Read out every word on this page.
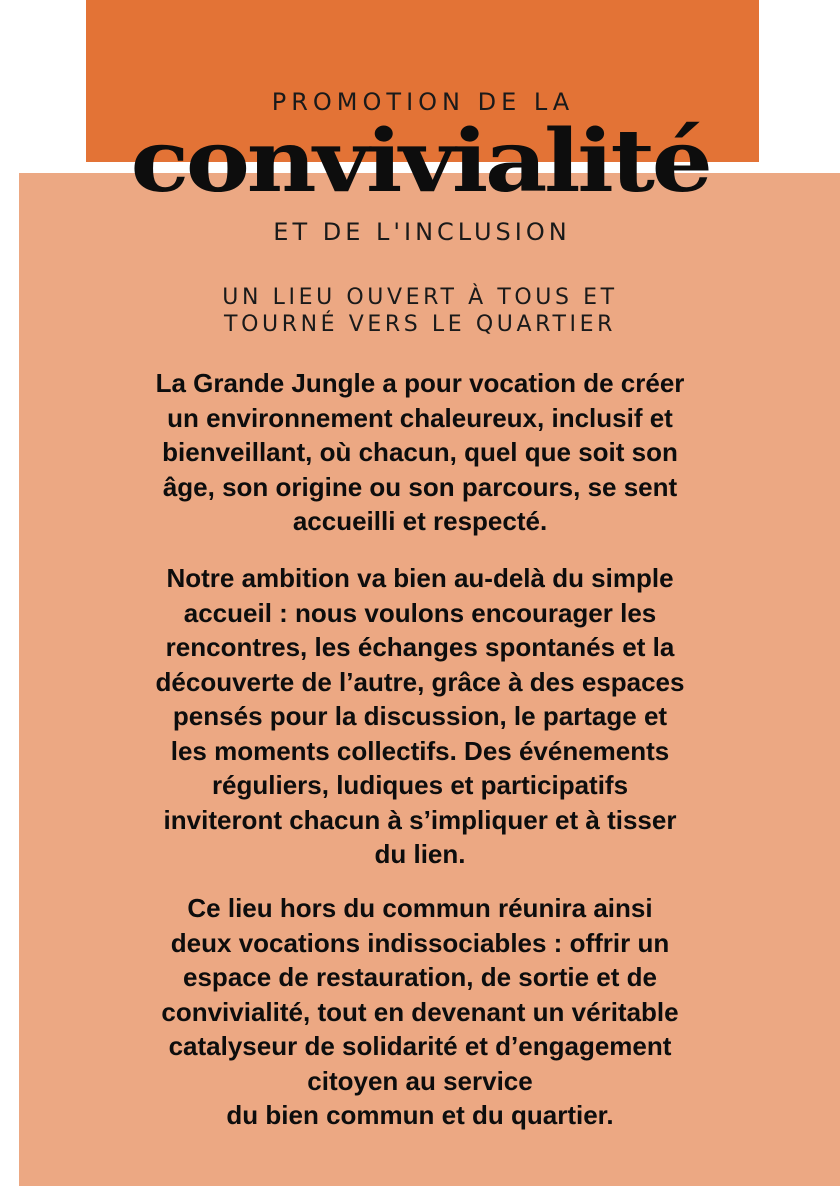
PROMOTION DE LA
convivialité
ET DE L'INCLUSION
UN LIEU OUVERT À TOUS ET
TOURNÉ VERS LE QUARTIER

La Grande Jungle a pour vocation de créer
un environnement chaleureux, inclusif et
bienveillant, où chacun, quel que soit son
âge, son origine ou son parcours, se sent
accueilli et respecté.

Notre ambition va bien au-delà du simple
accueil : nous voulons encourager les
rencontres, les échanges spontanés et la
découverte de l’autre, grâce à des espaces
pensés pour la discussion, le partage et
les moments collectifs. Des événements
réguliers, ludiques et participatifs
inviteront chacun à s’impliquer et à tisser
du lien.

Ce lieu hors du commun réunira ainsi
deux vocations indissociables : offrir un
espace de restauration, de sortie et de
convivialité, tout en devenant un véritable
catalyseur de solidarité et d’engagement
citoyen au service
du bien commun et du quartier.
